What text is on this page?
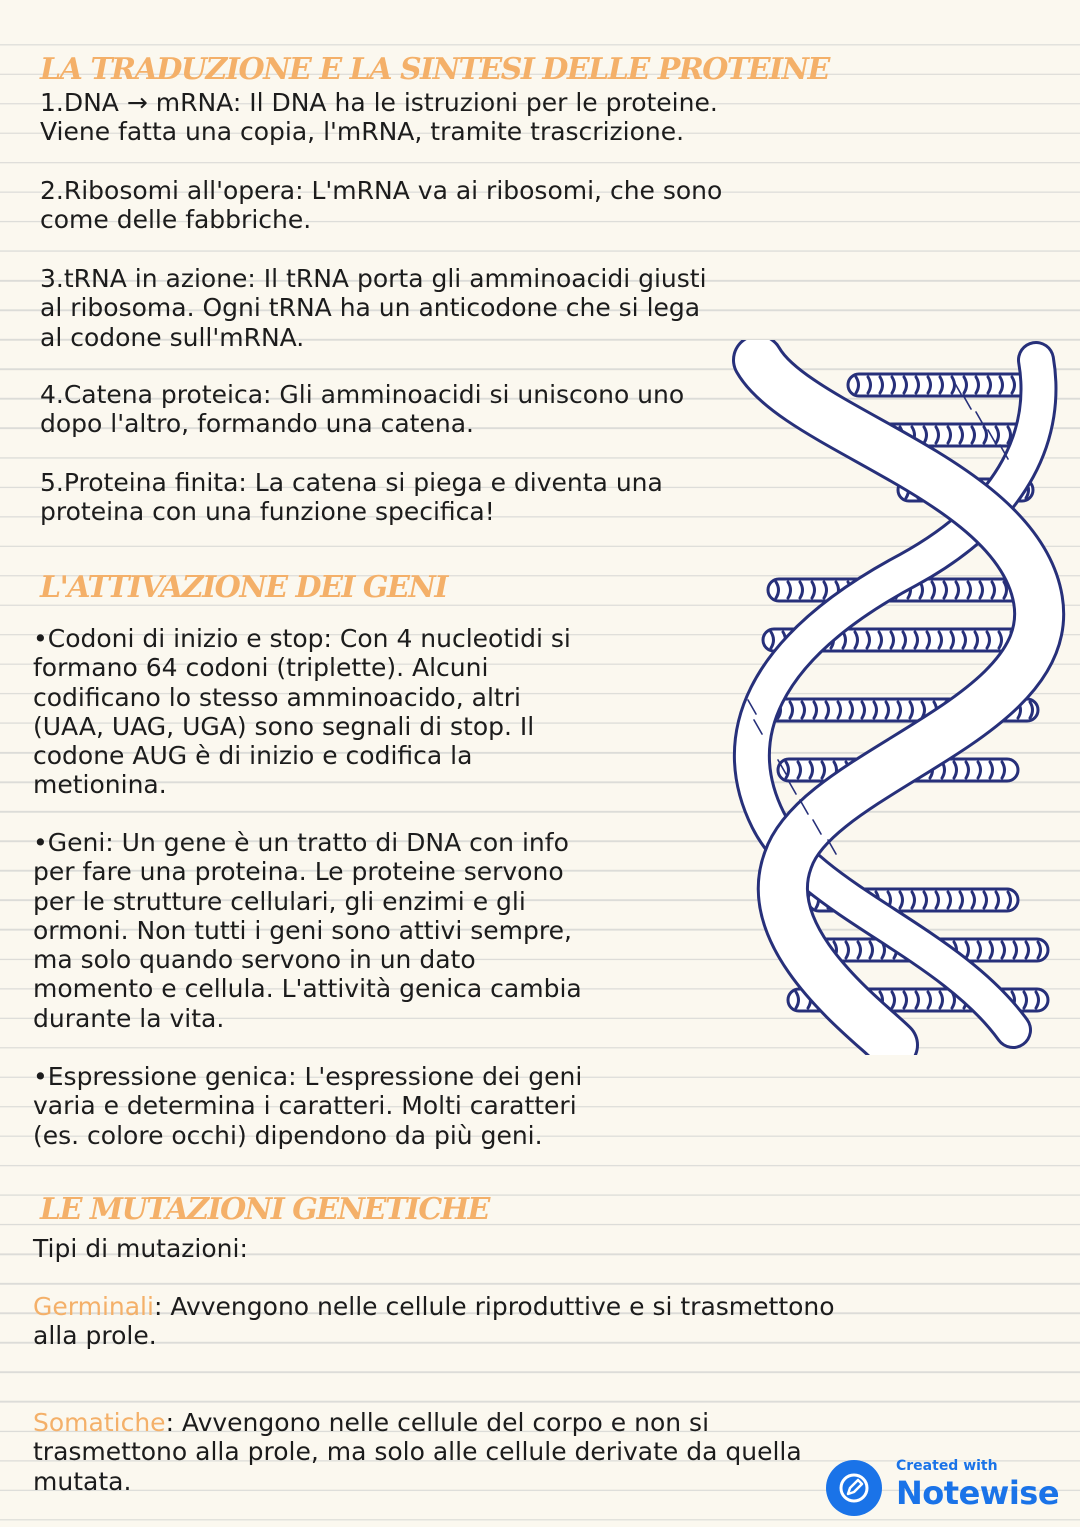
LA TRADUZIONE E LA SINTESI DELLE PROTEINE
1.DNA → mRNA: Il DNA ha le istruzioni per le proteine.
Viene fatta una copia, l'mRNA, tramite trascrizione.
2.Ribosomi all'opera: L'mRNA va ai ribosomi, che sono
come delle fabbriche.
3.tRNA in azione: Il tRNA porta gli amminoacidi giusti
al ribosoma. Ogni tRNA ha un anticodone che si lega
al codone sull'mRNA.
4.Catena proteica: Gli amminoacidi si uniscono uno
dopo l'altro, formando una catena.
5.Proteina finita: La catena si piega e diventa una
proteina con una funzione specifica!
L'ATTIVAZIONE DEI GENI
•Codoni di inizio e stop: Con 4 nucleotidi si
formano 64 codoni (triplette). Alcuni
codificano lo stesso amminoacido, altri
(UAA, UAG, UGA) sono segnali di stop. Il
codone AUG è di inizio e codifica la
metionina.
•Geni: Un gene è un tratto di DNA con info
per fare una proteina. Le proteine servono
per le strutture cellulari, gli enzimi e gli
ormoni. Non tutti i geni sono attivi sempre,
ma solo quando servono in un dato
momento e cellula. L'attività genica cambia
durante la vita.
•Espressione genica: L'espressione dei geni
varia e determina i caratteri. Molti caratteri
(es. colore occhi) dipendono da più geni.
LE MUTAZIONI GENETICHE
Tipi di mutazioni:
Germinali: Avvengono nelle cellule riproduttive e si trasmettono
alla prole.
Somatiche: Avvengono nelle cellule del corpo e non si
trasmettono alla prole, ma solo alle cellule derivate da quella
mutata.
Created with
Notewise
